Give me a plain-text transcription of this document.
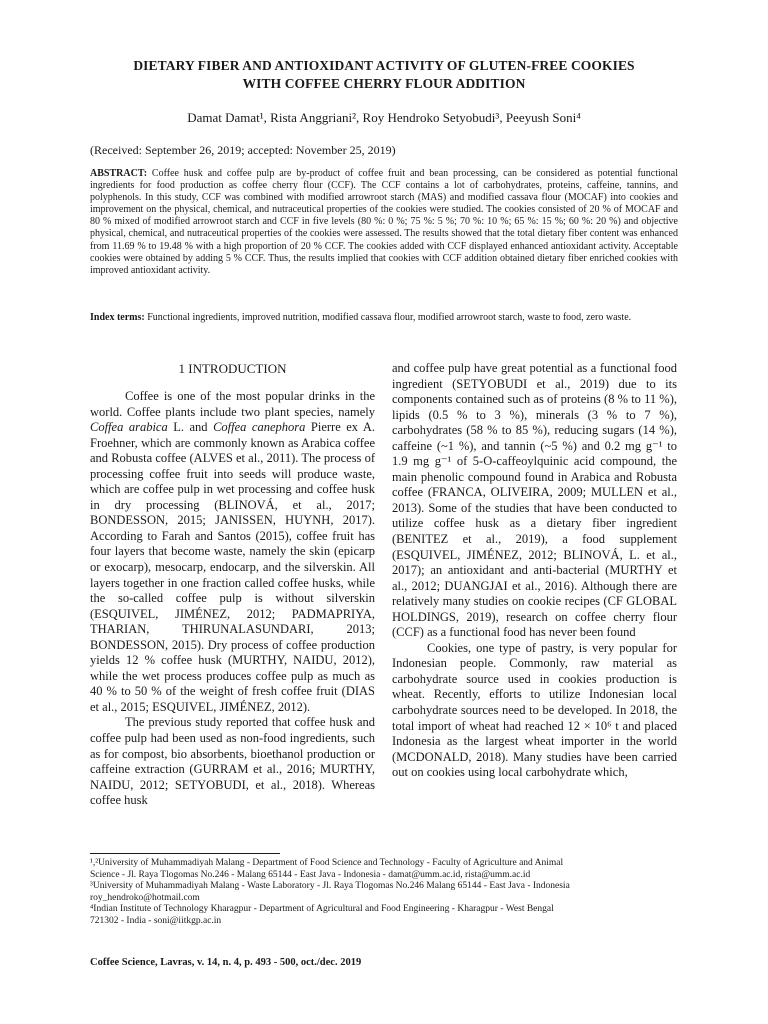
DIETARY FIBER AND ANTIOXIDANT ACTIVITY OF GLUTEN-FREE COOKIES
WITH COFFEE CHERRY FLOUR ADDITION
Damat Damat¹, Rista Anggriani², Roy Hendroko Setyobudi³, Peeyush Soni⁴
(Received: September 26, 2019; accepted: November 25, 2019)
ABSTRACT: Coffee husk and coffee pulp are by-product of coffee fruit and bean processing, can be considered as potential functional ingredients for food production as coffee cherry flour (CCF). The CCF contains a lot of carbohydrates, proteins, caffeine, tannins, and polyphenols. In this study, CCF was combined with modified arrowroot starch (MAS) and modified cassava flour (MOCAF) into cookies and improvement on the physical, chemical, and nutraceutical properties of the cookies were studied. The cookies consisted of 20 % of MOCAF and 80 % mixed of modified arrowroot starch and CCF in five levels (80 %: 0 %; 75 %: 5 %; 70 %: 10 %; 65 %: 15 %; 60 %: 20 %) and objective physical, chemical, and nutraceutical properties of the cookies were assessed. The results showed that the total dietary fiber content was enhanced from 11.69 % to 19.48 % with a high proportion of 20 % CCF. The cookies added with CCF displayed enhanced antioxidant activity. Acceptable cookies were obtained by adding 5 % CCF. Thus, the results implied that cookies with CCF addition obtained dietary fiber enriched cookies with improved antioxidant activity.
Index terms: Functional ingredients, improved nutrition, modified cassava flour, modified arrowroot starch, waste to food, zero waste.
1 INTRODUCTION

Coffee is one of the most popular drinks in the world. Coffee plants include two plant species, namely Coffea arabica L. and Coffea canephora Pierre ex A. Froehner, which are commonly known as Arabica coffee and Robusta coffee (ALVES et al., 2011). The process of processing coffee fruit into seeds will produce waste, which are coffee pulp in wet processing and coffee husk in dry processing (BLINOVÁ, et al., 2017; BONDESSON, 2015; JANISSEN, HUYNH, 2017). According to Farah and Santos (2015), coffee fruit has four layers that become waste, namely the skin (epicarp or exocarp), mesocarp, endocarp, and the silverskin. All layers together in one fraction called coffee husks, while the so-called coffee pulp is without silverskin (ESQUIVEL, JIMÉNEZ, 2012; PADMAPRIYA, THARIAN, THIRUNALASUNDARI, 2013; BONDESSON, 2015). Dry process of coffee production yields 12 % coffee husk (MURTHY, NAIDU, 2012), while the wet process produces coffee pulp as much as 40 % to 50 % of the weight of fresh coffee fruit (DIAS et al., 2015; ESQUIVEL, JIMÉNEZ, 2012).

The previous study reported that coffee husk and coffee pulp had been used as non-food ingredients, such as for compost, bio absorbents, bioethanol production or caffeine extraction (GURRAM et al., 2016; MURTHY, NAIDU, 2012; SETYOBUDI, et al., 2018). Whereas coffee husk

and coffee pulp have great potential as a functional food ingredient (SETYOBUDI et al., 2019) due to its components contained such as of proteins (8 % to 11 %), lipids (0.5 % to 3 %), minerals (3 % to 7 %), carbohydrates (58 % to 85 %), reducing sugars (14 %), caffeine (~1 %), and tannin (~5 %) and 0.2 mg g⁻¹ to 1.9 mg g⁻¹ of 5-O-caffeoylquinic acid compound, the main phenolic compound found in Arabica and Robusta coffee (FRANCA, OLIVEIRA, 2009; MULLEN et al., 2013). Some of the studies that have been conducted to utilize coffee husk as a dietary fiber ingredient (BENITEZ et al., 2019), a food supplement (ESQUIVEL, JIMÉNEZ, 2012; BLINOVÁ, L. et al., 2017); an antioxidant and anti-bacterial (MURTHY et al., 2012; DUANGJAI et al., 2016). Although there are relatively many studies on cookie recipes (CF GLOBAL HOLDINGS, 2019), research on coffee cherry flour (CCF) as a functional food has never been found

Cookies, one type of pastry, is very popular for Indonesian people. Commonly, raw material as carbohydrate source used in cookies production is wheat. Recently, efforts to utilize Indonesian local carbohydrate sources need to be developed. In 2018, the total import of wheat had reached 12 × 10⁶ t and placed Indonesia as the largest wheat importer in the world (MCDONALD, 2018). Many studies have been carried out on cookies using local carbohydrate which,

¹,²University of Muhammadiyah Malang - Department of Food Science and Technology - Faculty of Agriculture and Animal
Science - Jl. Raya Tlogomas No.246 - Malang 65144 - East Java - Indonesia - damat@umm.ac.id, rista@umm.ac.id
³University of Muhammadiyah Malang - Waste Laboratory - Jl. Raya Tlogomas No.246 Malang 65144 - East Java - Indonesia
roy_hendroko@hotmail.com
⁴Indian Institute of Technology Kharagpur - Department of Agricultural and Food Engineering - Kharagpur - West Bengal
721302 - India - soni@iitkgp.ac.in
Coffee Science, Lavras, v. 14, n. 4, p. 493 - 500, oct./dec. 2019
